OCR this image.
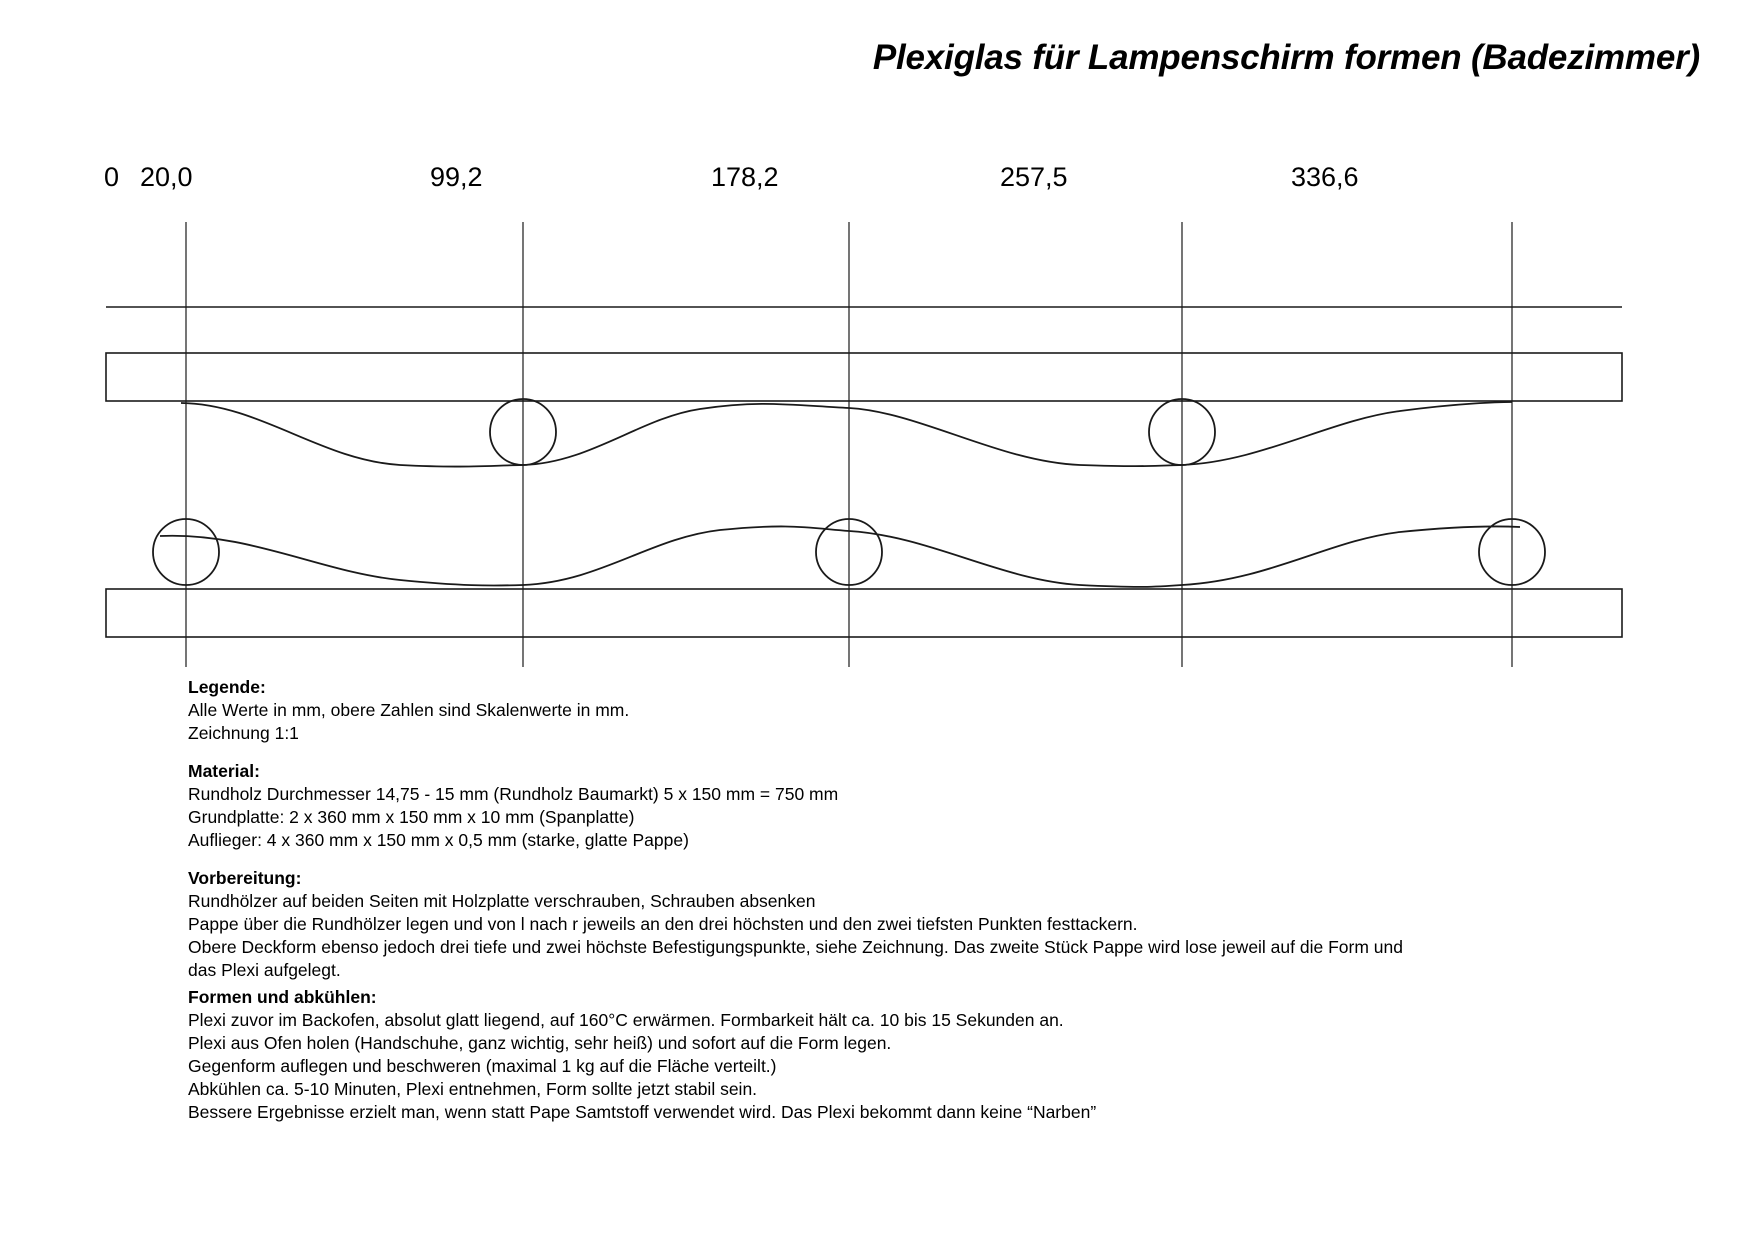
Plexiglas für Lampenschirm formen (Badezimmer)
0 20,0	99,2	178,2	257,5	336,6
Legende:
Alle Werte in mm, obere Zahlen sind Skalenwerte in mm.
Zeichnung 1:1
Material:
Rundholz Durchmesser 14,75 - 15 mm (Rundholz Baumarkt) 5 x 150 mm = 750 mm
Grundplatte: 2 x 360 mm x 150 mm x 10 mm (Spanplatte)
Auflieger: 4 x 360 mm x 150 mm x 0,5 mm (starke, glatte Pappe)
Vorbereitung:
Rundhölzer auf beiden Seiten mit Holzplatte verschrauben, Schrauben absenken
Pappe über die Rundhölzer legen und von l nach r jeweils an den drei höchsten und den zwei tiefsten Punkten festtackern.
Obere Deckform ebenso jedoch drei tiefe und zwei höchste Befestigungspunkte, siehe Zeichnung. Das zweite Stück Pappe wird lose jeweil auf die Form und
das Plexi aufgelegt.
Formen und abkühlen:
Plexi zuvor im Backofen, absolut glatt liegend, auf 160°C erwärmen. Formbarkeit hält ca. 10 bis 15 Sekunden an.
Plexi aus Ofen holen (Handschuhe, ganz wichtig, sehr heiß) und sofort auf die Form legen.
Gegenform auflegen und beschweren (maximal 1 kg auf die Fläche verteilt.)
Abkühlen ca. 5-10 Minuten, Plexi entnehmen, Form sollte jetzt stabil sein.
Bessere Ergebnisse erzielt man, wenn statt Pape Samtstoff verwendet wird. Das Plexi bekommt dann keine “Narben”
